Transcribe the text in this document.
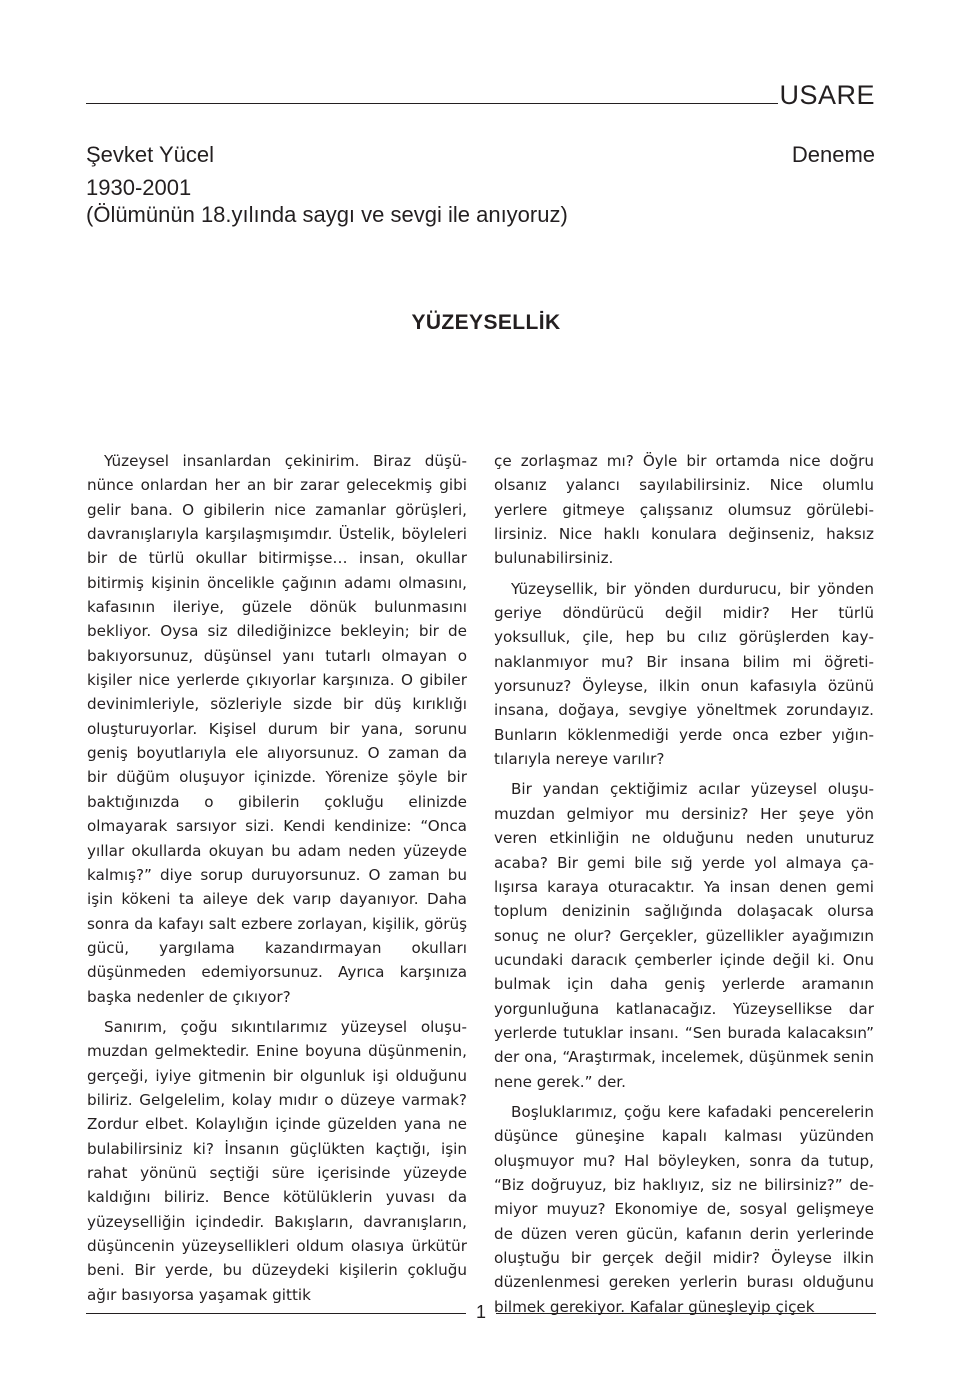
USARE
Şevket Yücel	Deneme
1930-2001
(Ölümünün 18.yılında saygı ve sevgi ile anıyoruz)
YÜZEYSELLİK

Yüzeysel insanlardan çekinirim. Biraz düşününce onlardan her an bir zarar gelecekmiş gibi gelir bana. O gibilerin nice zamanlar görüşleri, davranışlarıyla karşılaşmışımdır. Üstelik, böyleleri bir de türlü okullar bitirmişse… insan, okullar bitirmiş kişinin öncelikle çağının adamı olmasını, kafasının ileriye, güzele dönük bulunmasını bekliyor. Oysa siz dilediğinizce bekleyin; bir de bakıyorsunuz, düşünsel yanı tutarlı olmayan o kişiler nice yerlerde çıkıyorlar karşınıza. O gibiler devinimleriyle, sözleriyle sizde bir düş kırıklığı oluşturuyorlar. Kişisel durum bir yana, sorunu geniş boyutlarıyla ele alıyorsunuz. O zaman da bir düğüm oluşuyor içinizde. Yörenize şöyle bir baktığınızda o gibilerin çokluğu elinizde olmayarak sarsıyor sizi. Kendi kendinize: “Onca yıllar okullarda okuyan bu adam neden yüzeyde kalmış?” diye sorup duruyorsunuz. O zaman bu işin kökeni ta aileye dek varıp dayanıyor. Daha sonra da kafayı salt ezbere zorlayan, kişilik, görüş gücü, yargılama kazandırmayan okulları düşünmeden edemiyorsunuz. Ayrıca karşınıza başka nedenler de çıkıyor?

Sanırım, çoğu sıkıntılarımız yüzeysel oluşumuzdan gelmektedir. Enine boyuna düşünmenin, gerçeği, iyiye gitmenin bir olgunluk işi olduğunu biliriz. Gelgelelim, kolay mıdır o düzeye varmak? Zordur elbet. Kolaylığın içinde güzelden yana ne bulabilirsiniz ki? İnsanın güçlükten kaçtığı, işin rahat yönünü seçtiği süre içerisinde yüzeyde kaldığını biliriz. Bence kötülüklerin yuvası da yüzeyselliğin içindedir. Bakışların, davranışların, düşüncenin yüzeysellikleri oldum olasıya ürkütür beni. Bir yerde, bu düzeydeki kişilerin çokluğu ağır basıyorsa yaşamak gittik

çe zorlaşmaz mı? Öyle bir ortamda nice doğru olsanız yalancı sayılabilirsiniz. Nice olumlu yerlere gitmeye çalışsanız olumsuz görülebilirsiniz. Nice haklı konulara değinseniz, haksız bulunabilirsiniz.

Yüzeysellik, bir yönden durdurucu, bir yönden geriye döndürücü değil midir? Her türlü yoksulluk, çile, hep bu cılız görüşlerden kaynaklanmıyor mu? Bir insana bilim mi öğretiyorsunuz? Öyleyse, ilkin onun kafasıyla özünü insana, doğaya, sevgiye yöneltmek zorundayız. Bunların köklenmediği yerde onca ezber yığıntılarıyla nereye varılır?

Bir yandan çektiğimiz acılar yüzeysel oluşumuzdan gelmiyor mu dersiniz? Her şeye yön veren etkinliğin ne olduğunu neden unuturuz acaba? Bir gemi bile sığ yerde yol almaya çalışırsa karaya oturacaktır. Ya insan denen gemi toplum denizinin sağlığında dolaşacak olursa sonuç ne olur? Gerçekler, güzellikler ayağımızın ucundaki daracık çemberler içinde değil ki. Onu bulmak için daha geniş yerlerde aramanın yorgunluğuna katlanacağız. Yüzeysellikse dar yerlerde tutuklar insanı. “Sen burada kalacaksın” der ona, “Araştırmak, incelemek, düşünmek senin nene gerek.” der.

Boşluklarımız, çoğu kere kafadaki pencerelerin düşünce güneşine kapalı kalması yüzünden oluşmuyor mu? Hal böyleyken, sonra da tutup, “Biz doğruyuz, biz haklıyız, siz ne bilirsiniz?” demiyor muyuz? Ekonomiye de, sosyal gelişmeye de düzen veren gücün, kafanın derin yerlerinde oluştuğu bir gerçek değil midir? Öyleyse ilkin düzenlenmesi gereken yerlerin burası olduğunu bilmek gerekiyor. Kafalar güneşleyip çiçek

1
